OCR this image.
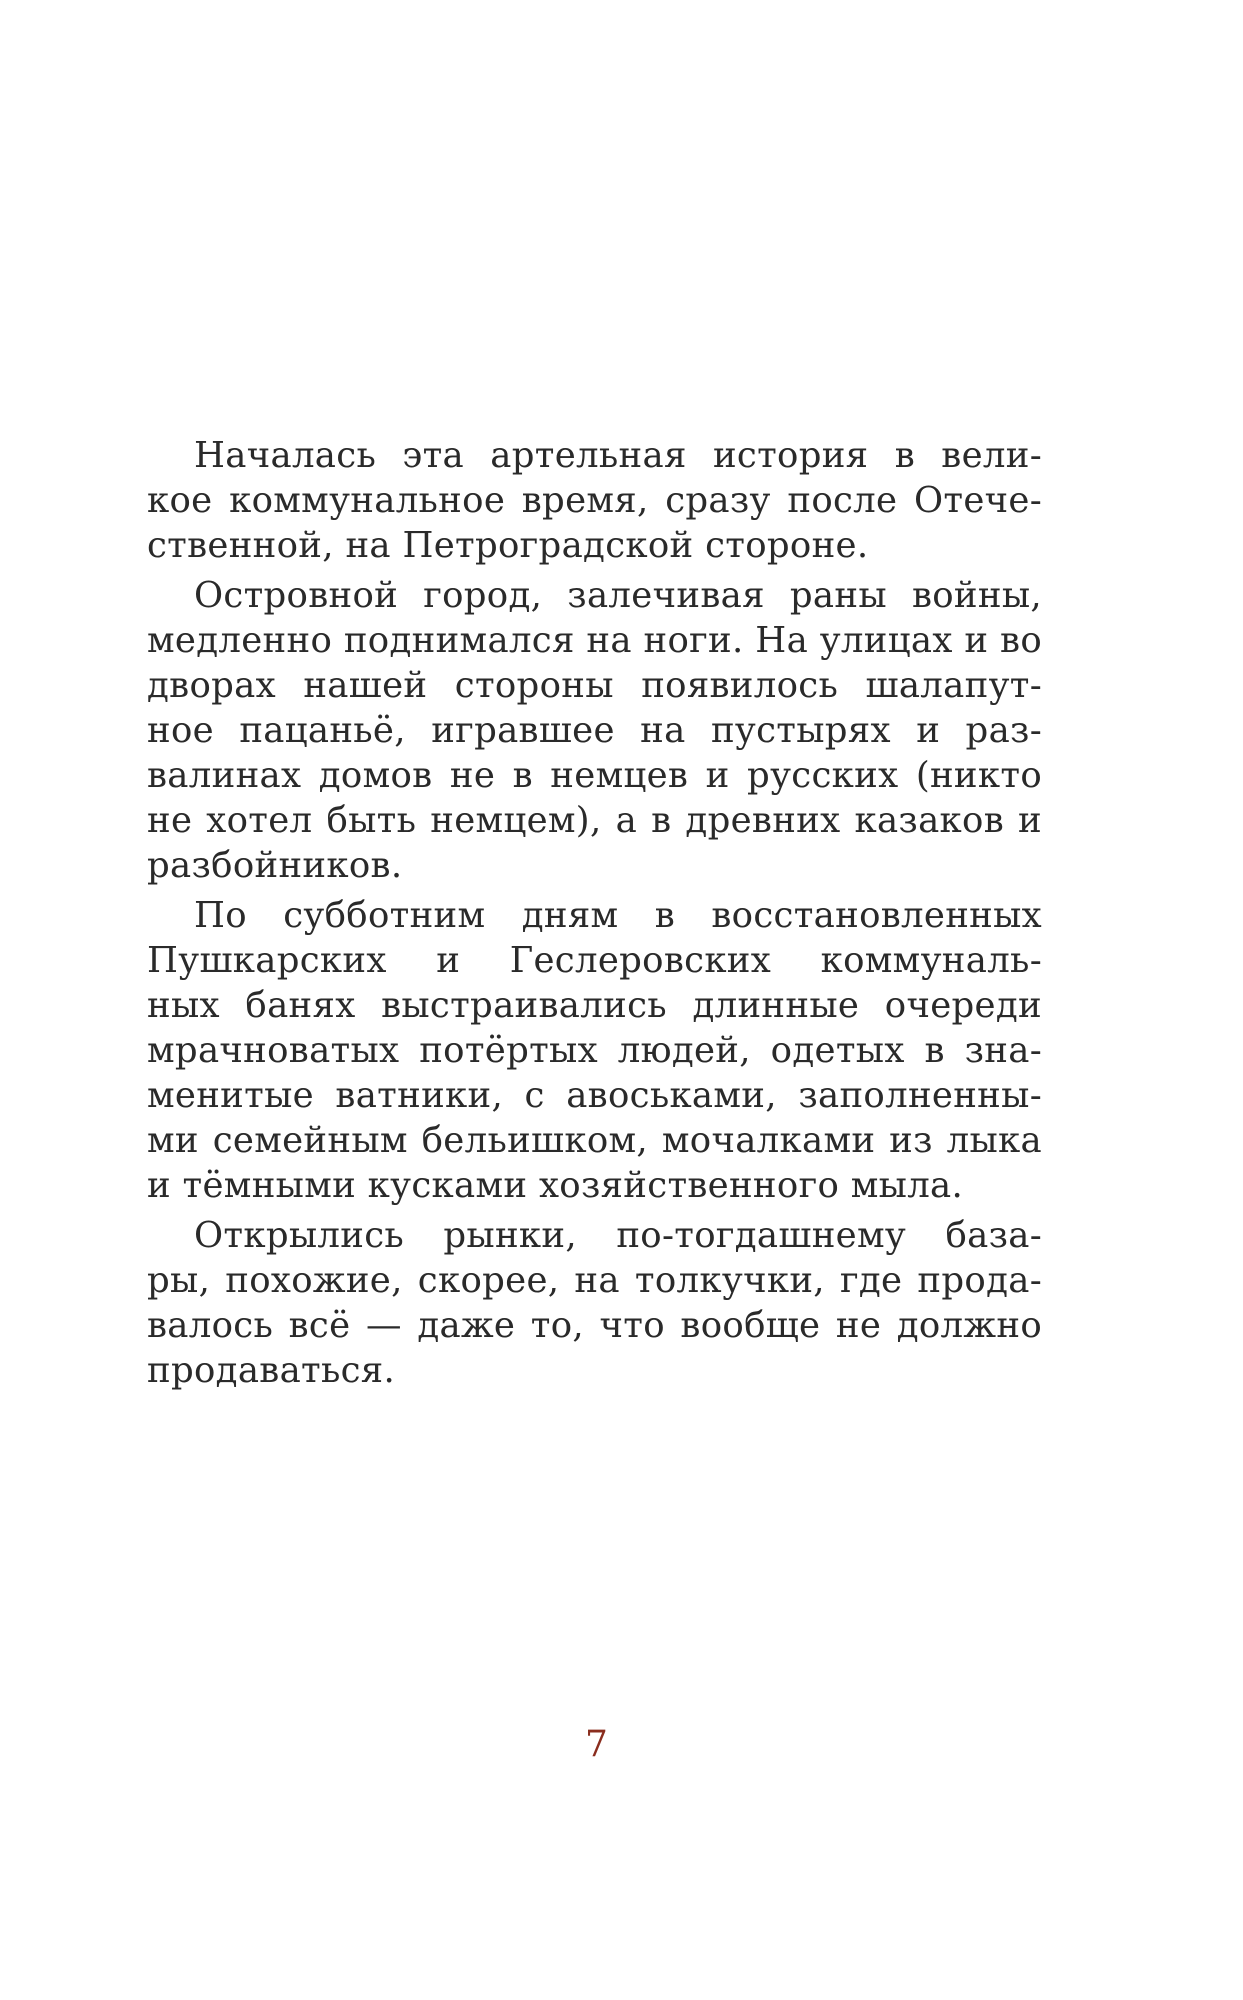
Началась эта артельная история в вели-
кое коммунальное время, сразу после Отече-
ственной, на Петроградской стороне.

Островной город, залечивая раны войны,
медленно поднимался на ноги. На улицах и во
дворах нашей стороны появилось шалапут-
ное пацаньё, игравшее на пустырях и раз-
валинах домов не в немцев и русских (никто
не хотел быть немцем), а в древних казаков и
разбойников.

По субботним дням в восстановленных
Пушкарских и Геслеровских коммуналь-
ных банях выстраивались длинные очереди
мрачноватых потёртых людей, одетых в зна-
менитые ватники, с авоськами, заполненны-
ми семейным бельишком, мочалками из лыка
и тёмными кусками хозяйственного мыла.

Открылись рынки, по-тогдашнему база-
ры, похожие, скорее, на толкучки, где прода-
валось всё — даже то, что вообще не должно
продаваться.

7
